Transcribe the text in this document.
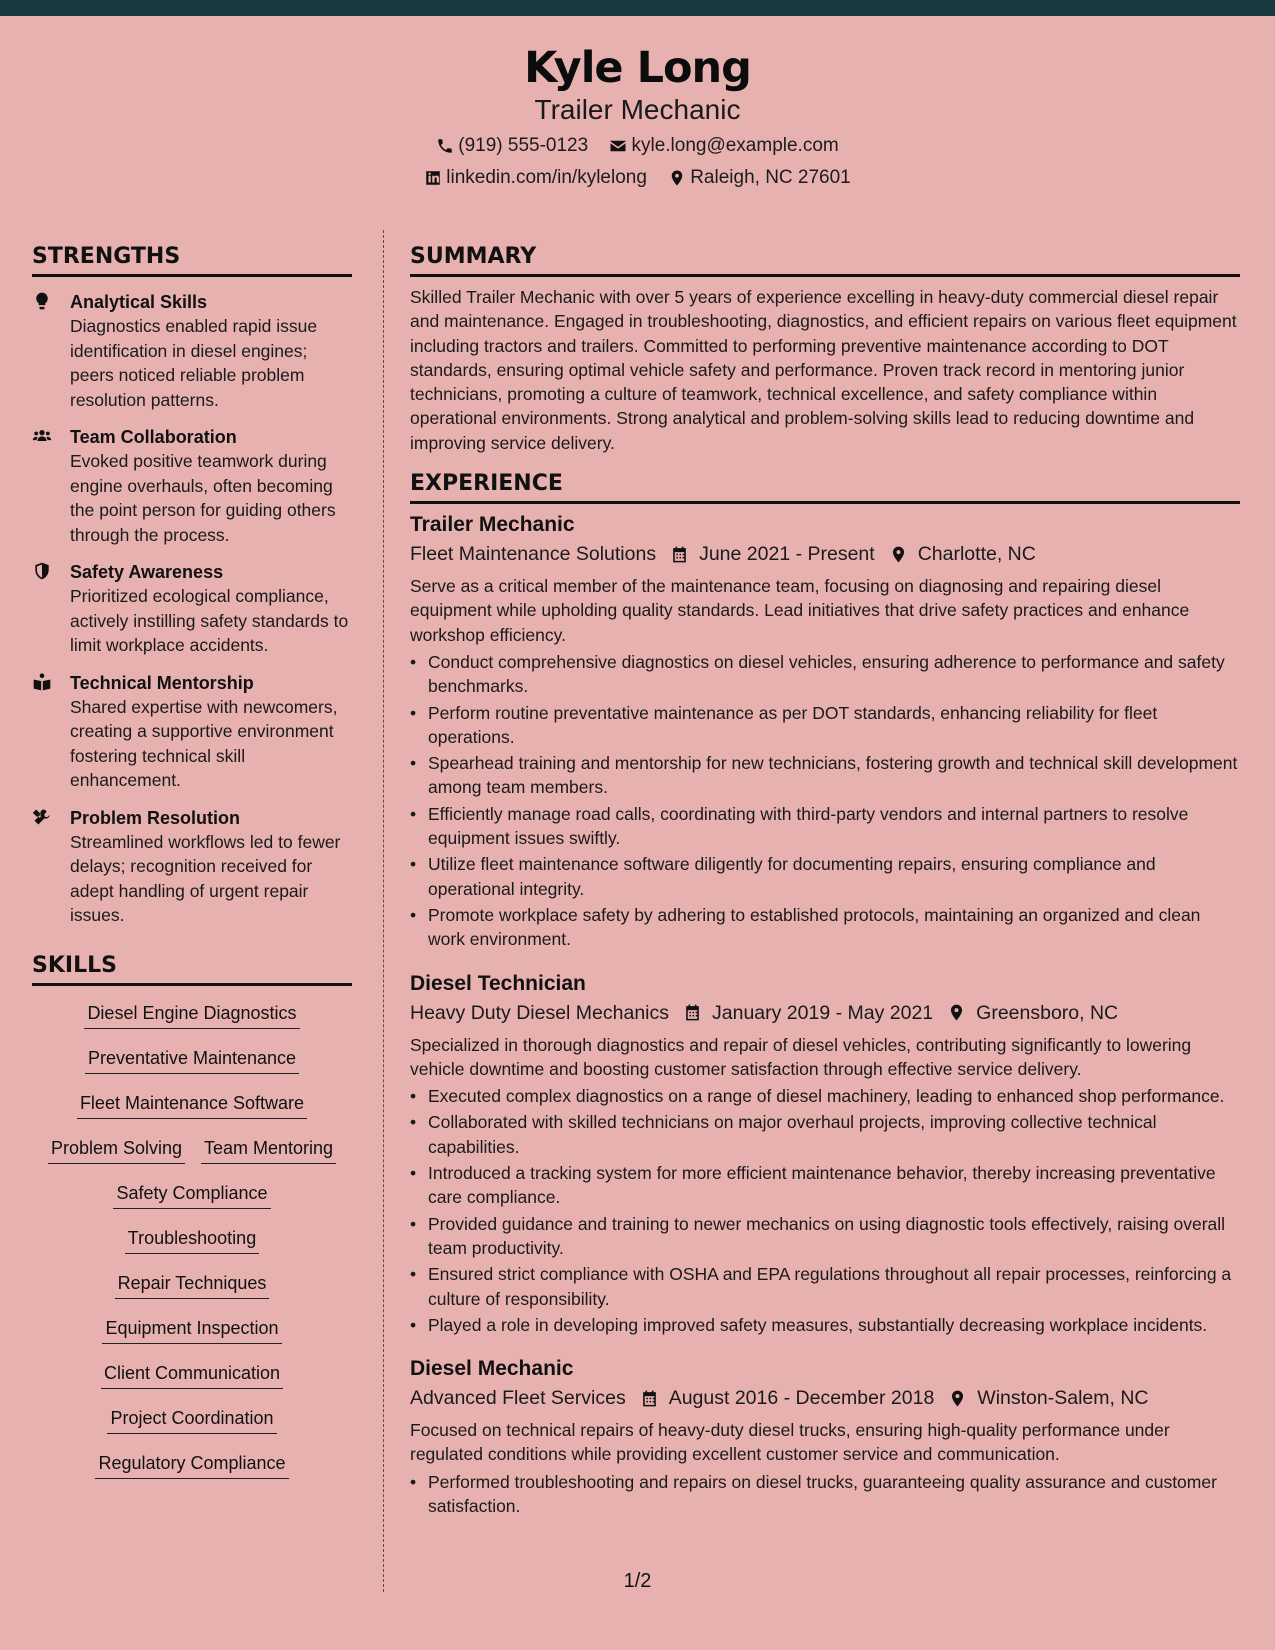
Kyle Long
Trailer Mechanic
(919) 555-0123
kyle.long@example.com
linkedin.com/in/kylelong
Raleigh, NC 27601
STRENGTHS
Analytical Skills
Diagnostics enabled rapid issue identification in diesel engines; peers noticed reliable problem resolution patterns.
Team Collaboration
Evoked positive teamwork during engine overhauls, often becoming the point person for guiding others through the process.
Safety Awareness
Prioritized ecological compliance, actively instilling safety standards to limit workplace accidents.
Technical Mentorship
Shared expertise with newcomers, creating a supportive environment fostering technical skill enhancement.
Problem Resolution
Streamlined workflows led to fewer delays; recognition received for adept handling of urgent repair issues.
SKILLS
Diesel Engine Diagnostics
Preventative Maintenance
Fleet Maintenance Software
Problem Solving Team Mentoring
Safety Compliance
Troubleshooting
Repair Techniques
Equipment Inspection
Client Communication
Project Coordination
Regulatory Compliance
SUMMARY
Skilled Trailer Mechanic with over 5 years of experience excelling in heavy-duty commercial diesel repair and maintenance. Engaged in troubleshooting, diagnostics, and efficient repairs on various fleet equipment including tractors and trailers. Committed to performing preventive maintenance according to DOT standards, ensuring optimal vehicle safety and performance. Proven track record in mentoring junior technicians, promoting a culture of teamwork, technical excellence, and safety compliance within operational environments. Strong analytical and problem-solving skills lead to reducing downtime and improving service delivery.
EXPERIENCE
Trailer Mechanic
Fleet Maintenance Solutions June 2021 - Present Charlotte, NC
Serve as a critical member of the maintenance team, focusing on diagnosing and repairing diesel equipment while upholding quality standards. Lead initiatives that drive safety practices and enhance workshop efficiency.
• Conduct comprehensive diagnostics on diesel vehicles, ensuring adherence to performance and safety benchmarks.
• Perform routine preventative maintenance as per DOT standards, enhancing reliability for fleet operations.
• Spearhead training and mentorship for new technicians, fostering growth and technical skill development among team members.
• Efficiently manage road calls, coordinating with third-party vendors and internal partners to resolve equipment issues swiftly.
• Utilize fleet maintenance software diligently for documenting repairs, ensuring compliance and operational integrity.
• Promote workplace safety by adhering to established protocols, maintaining an organized and clean work environment.
Diesel Technician
Heavy Duty Diesel Mechanics January 2019 - May 2021 Greensboro, NC
Specialized in thorough diagnostics and repair of diesel vehicles, contributing significantly to lowering vehicle downtime and boosting customer satisfaction through effective service delivery.
• Executed complex diagnostics on a range of diesel machinery, leading to enhanced shop performance.
• Collaborated with skilled technicians on major overhaul projects, improving collective technical capabilities.
• Introduced a tracking system for more efficient maintenance behavior, thereby increasing preventative care compliance.
• Provided guidance and training to newer mechanics on using diagnostic tools effectively, raising overall team productivity.
• Ensured strict compliance with OSHA and EPA regulations throughout all repair processes, reinforcing a culture of responsibility.
• Played a role in developing improved safety measures, substantially decreasing workplace incidents.
Diesel Mechanic
Advanced Fleet Services August 2016 - December 2018 Winston-Salem, NC
Focused on technical repairs of heavy-duty diesel trucks, ensuring high-quality performance under regulated conditions while providing excellent customer service and communication.
• Performed troubleshooting and repairs on diesel trucks, guaranteeing quality assurance and customer satisfaction.
1/2
